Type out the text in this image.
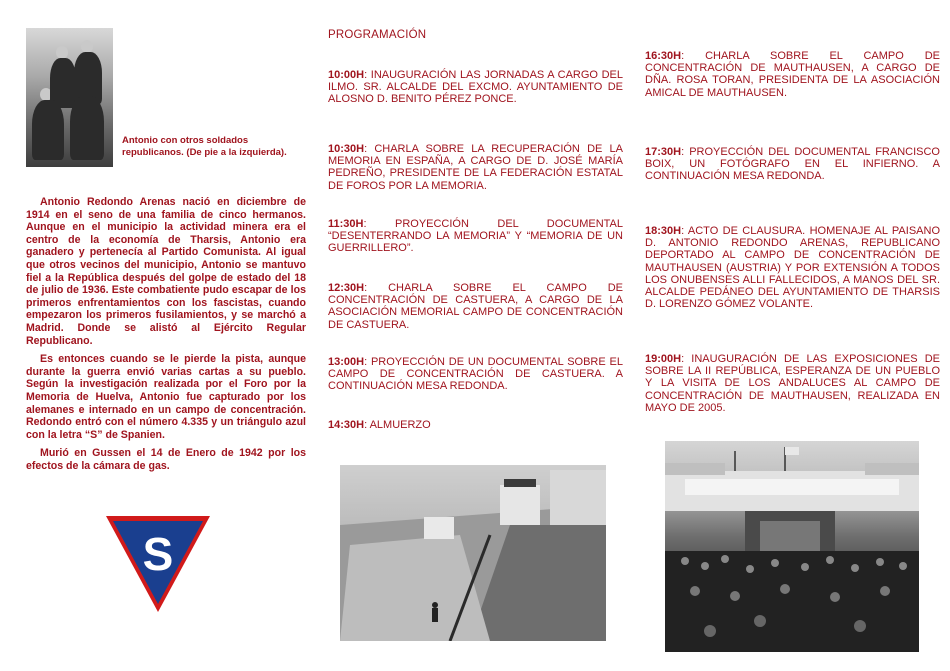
Antonio con otros soldados republicanos. (De pie a la izquierda).

Antonio Redondo Arenas nació en diciembre de 1914 en el seno de una familia de cinco hermanos. Aunque en el municipio la actividad minera era el centro de la economía de Tharsis, Antonio era ganadero y pertenecía al Partido Comunista. Al igual que otros vecinos del municipio, Antonio se mantuvo fiel a la República después del golpe de estado del 18 de julio de 1936. Este combatiente pudo escapar de los primeros enfrentamientos con los fascistas, cuando empezaron los primeros fusilamientos, y se marchó a Madrid. Donde se alistó al Ejército Regular Republicano.

Es entonces cuando se le pierde la pista, aunque durante la guerra envió varias cartas a su pueblo. Según la investigación realizada por el Foro por la Memoria de Huelva, Antonio fue capturado por los alemanes e internado en un campo de concentración. Redondo entró con el número 4.335 y un triángulo azul con la letra “S” de Spanien.

Murió en Gussen el 14 de Enero de 1942 por los efectos de la cámara de gas.

S
PROGRAMACIÓN
10:00H: INAUGURACIÓN LAS JORNADAS A CARGO DEL ILMO. SR. ALCALDE DEL EXCMO. AYUNTAMIENTO DE ALOSNO D. BENITO PÉREZ PONCE.
10:30H: CHARLA SOBRE LA RECUPERACIÓN DE LA MEMORIA EN ESPAÑA, A CARGO DE D. JOSÉ MARÍA PEDREÑO, PRESIDENTE DE LA FEDERACIÓN ESTATAL DE FOROS POR LA MEMORIA.
11:30H: PROYECCIÓN DEL DOCUMENTAL “DESENTERRANDO LA MEMORIA” Y “MEMORIA DE UN GUERRILLERO”.
12:30H: CHARLA SOBRE EL CAMPO DE CONCENTRACIÓN DE CASTUERA, A CARGO DE LA ASOCIACIÓN MEMORIAL CAMPO DE CONCENTRACIÓN DE CASTUERA.
13:00H: PROYECCIÓN DE UN DOCUMENTAL SOBRE EL CAMPO DE CONCENTRACIÓN DE CASTUERA. A CONTINUACIÓN MESA REDONDA.
14:30H: ALMUERZO
16:30H: CHARLA SOBRE EL CAMPO DE CONCENTRACIÓN DE MAUTHAUSEN, A CARGO DE DÑA. ROSA TORAN, PRESIDENTA DE LA ASOCIACIÓN AMICAL DE MAUTHAUSEN.
17:30H: PROYECCIÓN DEL DOCUMENTAL FRANCISCO BOIX, UN FOTÓGRAFO EN EL INFIERNO. A CONTINUACIÓN MESA REDONDA.
18:30H: ACTO DE CLAUSURA. HOMENAJE AL PAISANO D. ANTONIO REDONDO ARENAS, REPUBLICANO DEPORTADO AL CAMPO DE CONCENTRACIÓN DE MAUTHAUSEN (AUSTRIA) Y POR EXTENSIÓN A TODOS LOS ONUBENSES ALLI FALLECIDOS, A MANOS DEL SR. ALCALDE PEDÁNEO DEL AYUNTAMIENTO DE THARSIS D. LORENZO GÓMEZ VOLANTE.
19:00H: INAUGURACIÓN DE LAS EXPOSICIONES DE SOBRE LA II REPÚBLICA, ESPERANZA DE UN PUEBLO Y LA VISITA DE LOS ANDALUCES AL CAMPO DE CONCENTRACIÓN DE MAUTHAUSEN, REALIZADA EN MAYO DE 2005.
